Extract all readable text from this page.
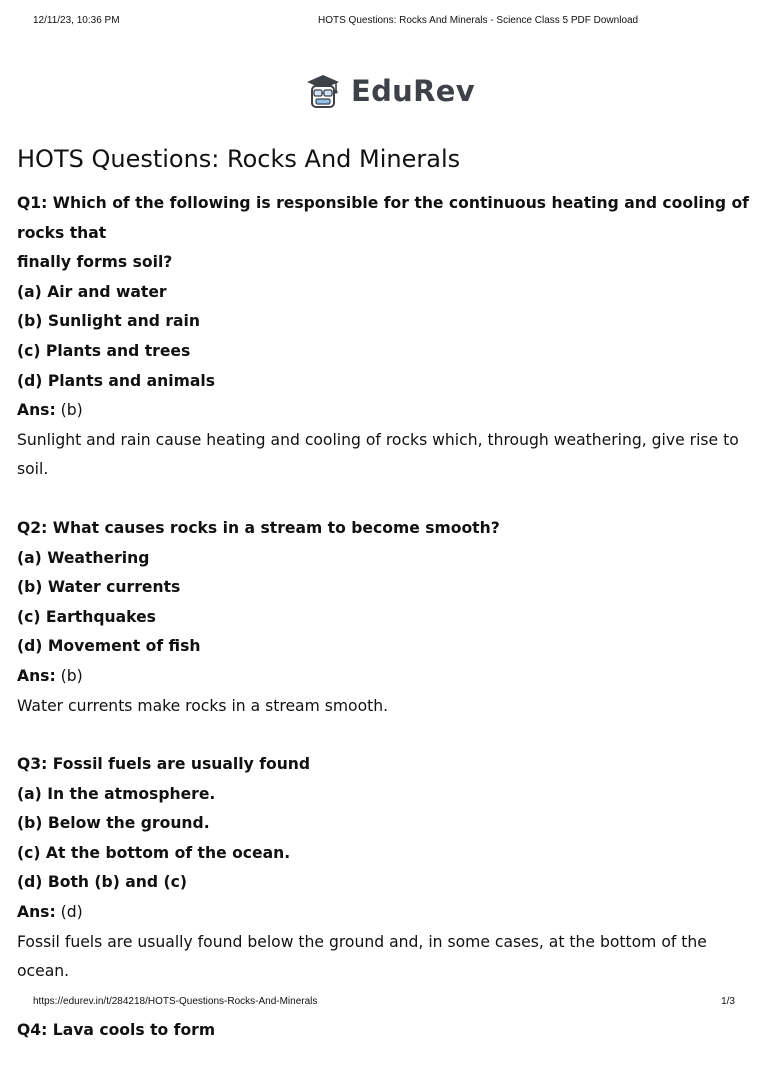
12/11/23, 10:36 PM	HOTS Questions: Rocks And Minerals - Science Class 5 PDF Download
EduRev
HOTS Questions: Rocks And Minerals

Q1: Which of the following is responsible for the continuous heating and cooling of rocks that

finally forms soil?

(a) Air and water

(b) Sunlight and rain

(c) Plants and trees

(d) Plants and animals

Ans: (b)

Sunlight and rain cause heating and cooling of rocks which, through weathering, give rise to soil.

Q2: What causes rocks in a stream to become smooth?

(a) Weathering

(b) Water currents

(c) Earthquakes

(d) Movement of fish

Ans: (b)

Water currents make rocks in a stream smooth.

Q3: Fossil fuels are usually found

(a) In the atmosphere.

(b) Below the ground.

(c) At the bottom of the ocean.

(d) Both (b) and (c)

Ans: (d)

Fossil fuels are usually found below the ground and, in some cases, at the bottom of the ocean.

Q4: Lava cools to form

https://edurev.in/t/284218/HOTS-Questions-Rocks-And-Minerals	1/3
